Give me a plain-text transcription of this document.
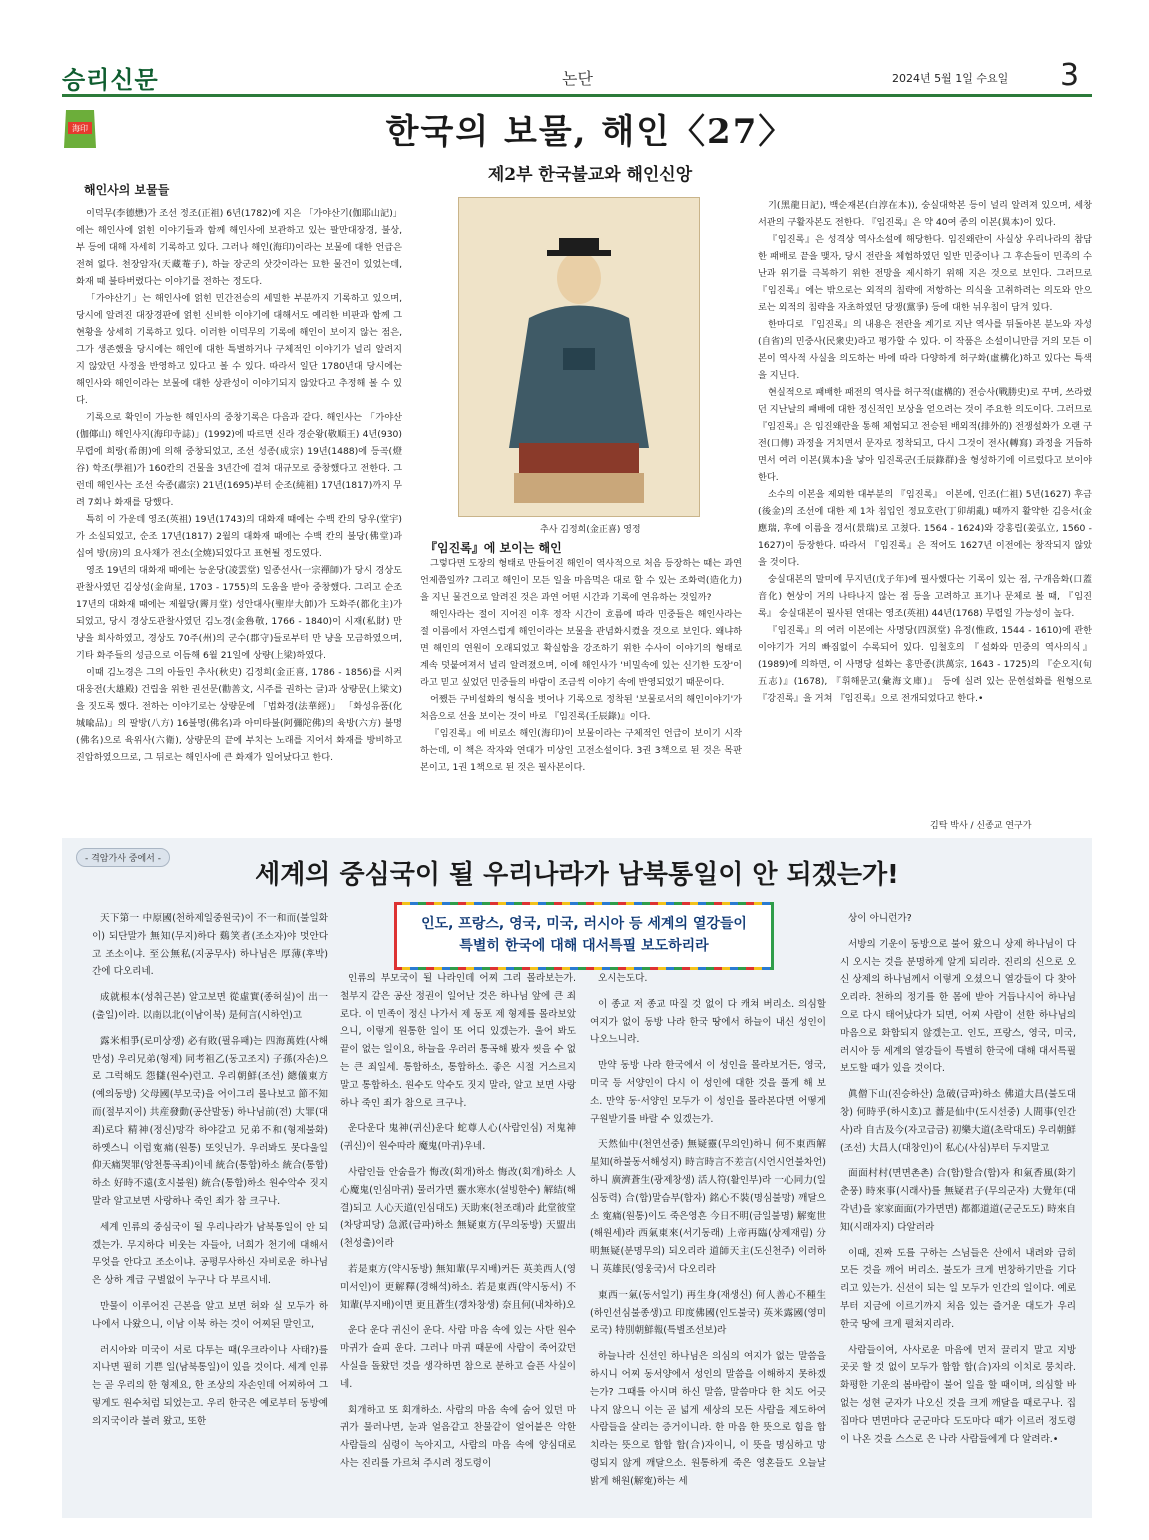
승리신문	논단	2024년 5월 1일 수요일 3
海印	한국의 보물, 해인〈27〉
제2부 한국불교와 해인신앙
해인사의 보물들

이덕무(李德懋)가 조선 정조(正祖) 6년(1782)에 지은 「가야산기(伽耶山記)」에는 해인사에 얽힌 이야기들과 함께 해인사에 보관하고 있는 팔만대장경, 불상, 부 등에 대해 자세히 기록하고 있다. 그러나 해인(海印)이라는 보물에 대한 언급은 전혀 없다. 천장암자(天藏菴子), 하늘 장군의 삿갓이라는 묘한 물건이 있었는데, 화재 때 불타버렸다는 이야기를 전하는 정도다.

「가야산기」는 해인사에 얽힌 민간전승의 세밀한 부분까지 기록하고 있으며, 당시에 알려진 대장경판에 얽힌 신비한 이야기에 대해서도 예리한 비판과 함께 그 현황을 상세히 기록하고 있다. 이러한 이덕무의 기록에 해인이 보이지 않는 점은, 그가 생존했을 당시에는 해인에 대한 특별하거나 구체적인 이야기가 널리 알려지지 않았던 사정을 반영하고 있다고 볼 수 있다. 따라서 일단 1780년대 당시에는 해인사와 해인이라는 보물에 대한 상관성이 이야기되지 않았다고 추정해 볼 수 있다.

기록으로 확인이 가능한 해인사의 중창기록은 다음과 같다. 해인사는 「가야산(伽倻山) 해인사지(海印寺誌)」(1992)에 따르면 신라 경순왕(敬順王) 4년(930) 무렵에 희랑(希朗)에 의해 중창되었고, 조선 성종(成宗) 19년(1488)에 등곡(燈谷) 학조(學祖)가 160칸의 건물을 3년간에 걸쳐 대규모로 중창했다고 전한다. 그런데 해인사는 조선 숙종(肅宗) 21년(1695)부터 순조(純祖) 17년(1817)까지 무려 7회나 화재를 당했다.

특히 이 가운데 영조(英祖) 19년(1743)의 대화재 때에는 수백 칸의 당우(堂宇)가 소실되었고, 순조 17년(1817) 2월의 대화재 때에는 수백 칸의 불당(佛堂)과 십여 방(房)의 요사채가 전소(全燒)되었다고 표현될 정도였다.

영조 19년의 대화재 때에는 능운당(凌雲堂) 일종선사(一宗禪師)가 당시 경상도관찰사였던 김상성(金尙星, 1703 - 1755)의 도움을 받아 중창했다. 그리고 순조 17년의 대화재 때에는 제월당(霽月堂) 성안대사(聖岸大師)가 도화주(都化主)가 되었고, 당시 경상도관찰사였던 김노경(金魯敬, 1766 - 1840)이 시재(私財) 만 냥을 희사하였고, 경상도 70주(州)의 군수(郡守)들로부터 만 냥을 모금하였으며, 기타 화주들의 성금으로 이듬해 6월 21일에 상량(上梁)하였다.

이때 김노경은 그의 아들인 추사(秋史) 김정희(金正喜, 1786 - 1856)를 시켜 대웅전(大雄殿) 건립을 위한 권선문(勸善文, 시주를 권하는 글)과 상량문(上梁文)을 짓도록 했다. 전하는 이야기로는 상량문에 「법화경(法華經)」 「화성유품(化城喩品)」의 팔방(八方) 16불명(佛名)과 아미타불(阿彌陀佛)의 육방(六方) 불명(佛名)으로 육위사(六衛), 상량문의 끝에 부치는 노래를 지어서 화재를 방비하고 진압하였으므로, 그 뒤로는 해인사에 큰 화재가 일어났다고 한다.

추사 김정희(金正喜) 영정
『임진록』에 보이는 해인

그렇다면 도장의 형태로 만들어진 해인이 역사적으로 처음 등장하는 때는 과연 언제쯤일까? 그리고 해인이 모든 일을 마음먹은 대로 할 수 있는 조화력(造化力)을 지닌 물건으로 알려진 것은 과연 어떤 시간과 기록에 연유하는 것일까?

해인사라는 절이 지어진 이후 정작 시간이 흐름에 따라 민중들은 해인사라는 절 이름에서 자연스럽게 해인이라는 보물을 관념화시켰을 것으로 보인다. 왜냐하면 해인의 연원이 오래되었고 확실함을 강조하기 위한 수사이 이야기의 형태로 계속 덧붙여져서 널리 알려졌으며, 이에 해인사가 '비밀속에 있는 신기한 도장'이라고 믿고 싶었던 민중들의 바람이 조금씩 이야기 속에 반영되었기 때문이다.

어쨌든 구비설화의 형식을 벗어나 기록으로 정착된 '보물로서의 해인이야기'가 처음으로 선을 보이는 것이 바로 『임진록(壬辰錄)』이다.

『임진록』에 비로소 해인(海印)이 보물이라는 구체적인 언급이 보이기 시작하는데, 이 책은 작자와 연대가 미상인 고전소설이다. 3권 3책으로 된 것은 목판본이고, 1권 1책으로 된 것은 필사본이다.

기(黑龍日記), 백순재본(白淳在本)), 숭실대학본 등이 널리 알려져 있으며, 세창서관의 구활자본도 전한다. 『임진록』은 약 40여 종의 이본(異本)이 있다.

『임진록』은 성격상 역사소설에 해당한다. 임진왜란이 사실상 우리나라의 참담한 패배로 끝을 맺자, 당시 전란을 체험하였던 일반 민중이나 그 후손들이 민족의 수난과 위기를 극복하기 위한 전망을 제시하기 위해 지은 것으로 보인다. 그러므로 『임진록』에는 밖으로는 외적의 침략에 저항하는 의식을 고취하려는 의도와 안으로는 외적의 침략을 자초하였던 당쟁(黨爭) 등에 대한 뉘우침이 담겨 있다.

한마디로 『임진록』의 내용은 전란을 계기로 지난 역사를 뒤돌아본 분노와 자성(自省)의 민중사(民衆史)라고 평가할 수 있다. 이 작품은 소설이니만큼 거의 모든 이본이 역사적 사실을 의도하는 바에 따라 다양하게 허구화(虛構化)하고 있다는 특색을 지닌다.

현실적으로 패배한 패전의 역사를 허구적(虛構的) 전승사(戰勝史)로 꾸며, 쓰라렸던 지난날의 패배에 대한 정신적인 보상을 얻으려는 것이 주요한 의도이다. 그러므로 『임진록』은 임진왜란을 통해 체험되고 전승된 배외적(排外的) 전쟁설화가 오랜 구전(口傳) 과정을 거치면서 문자로 정착되고, 다시 그것이 전사(轉寫) 과정을 거듭하면서 여러 이본(異本)을 낳아 임진록군(壬辰錄群)을 형성하기에 이르렀다고 보이야 한다.

소수의 이본을 제외한 대부분의 『임진록』 이본에, 인조(仁祖) 5년(1627) 후금(後金)의 조선에 대한 제 1차 침입인 정묘호란(丁卯胡亂) 때까지 활약한 김응서(金應瑞, 후에 이름을 경서(景瑞)로 고쳤다. 1564 - 1624)와 강홍립(姜弘立, 1560 - 1627)이 등장한다. 따라서 『임진록』은 적어도 1627년 이전에는 창작되지 않았을 것이다.

숭실대본의 말미에 무지년(戊子年)에 필사했다는 기록이 있는 점, 구개음화(口蓋音化) 현상이 거의 나타나지 않는 점 등을 고려하고 표기나 문체로 볼 때, 『임진록』 숭실대본이 필사된 연대는 영조(英祖) 44년(1768) 무렵일 가능성이 높다.

『임진록』의 여러 이본에는 사명당(四溟堂) 유정(惟政, 1544 - 1610)에 관한 이야기가 거의 빠짐없이 수록되어 있다. 임철호의 『설화와 민중의 역사의식』(1989)에 의하면, 이 사명당 설화는 홍만종(洪萬宗, 1643 - 1725)의 『순오지(旬五志)』(1678), 『휘해문고(彙海文庫)』 등에 실려 있는 문헌설화를 원형으로 『강진록』을 거쳐 『임진록』으로 전개되었다고 한다.•

김탁 박사 / 신종교 연구가
- 격암가사 중에서 -
세계의 중심국이 될 우리나라가 남북통일이 안 되겠는가!

天下第一 中原國(천하제일중원국)이 不一和而(불일화이) 되단말가 無知(무지)하다 鷄笑者(조소자)야 멋안다고 조소이냐. 至公無私(지공무사) 하나님은 厚薄(후박)간에 다오리네.

成就根本(성취근본) 알고보면 從虛實(종허실)이 出一(출일)이라. 以南以北(이남이북) 是何言(시하언)고

露米相爭(로미상쟁) 必有敗(필유패)는 四海萬姓(사해만성) 우리兄弟(형제) 同考祖乙(동고조지) 子孫(자손)으로 그럭해도 怨讎(원수)런고. 우리朝鮮(조선) 總儀東方(예의동방) 父母國(부모국)을 어이그리 몰나보고 節不知而(절부지이) 共産發動(공산발동) 하나님前(전) 大罪(대죄)로다 精神(정신)망각 하야갈고 兄弟不和(형제불화) 하옛스니 이럽寃痛(원통) 또잇닌가. 우러봐도 못다울일 仰天痛哭罪(앙천통곡죄)이네 統合(통합)하소 統合(통합)하소 好時不遠(호시불원) 統合(통합)하소 원수악수 짓지말라 알고보면 사랑하나 죽인 죄가 참 크구나.

세계 인류의 중심국이 될 우리나라가 남북통일이 안 되겠는가. 무지하다 비웃는 자들아, 너희가 천기에 대해서 무엇을 안다고 조소이냐. 공평무사하신 자비로운 하나님은 상하 계급 구별없이 누구나 다 부르시네.

만물이 이루어진 근본을 알고 보면 허와 실 모두가 하나에서 나왔으니, 이남 이북 하는 것이 어찌된 말인고,

러시아와 미국이 서로 다투는 때(우크라이나 사태?)를 지나면 필히 기쁜 일(남북통일)이 있을 것이다. 세계 인류는 곧 우리의 한 형제요, 한 조상의 자손인데 어찌하여 그렇게도 원수처럼 되었는고. 우리 한국은 예로부터 동방예의지국이라 불려 왔고, 또한

인도, 프랑스, 영국, 미국, 러시아 등 세계의 열강들이
특별히 한국에 대해 대서특필 보도하리라

인류의 부모국이 될 나라인데 어찌 그리 몰라보는가. 철부지 같은 공산 정권이 일어난 것은 하나님 앞에 큰 죄로다. 이 민족이 정신 나가서 제 동포 제 형제를 몰라보았으니, 이렇게 원통한 일이 또 어디 있겠는가. 울어 봐도 끝이 없는 일이요, 하늘을 우러러 통곡해 봤자 씻을 수 없는 큰 죄일세. 통합하소, 통합하소. 좋은 시절 거스르지 말고 통합하소. 원수도 악수도 짓지 말라, 알고 보면 사랑 하나 죽인 죄가 참으로 크구나.

운다운다 鬼神(귀신)운다 蛇尊人心(사람인심) 저鬼神(귀신)이 원수따라 魔鬼(마귀)우네.

사람인들 안숨을가 悔改(회개)하소 悔改(회개)하소 人心魔鬼(인심마귀) 물러가면 靈水寒水(설빙한수) 解結(해결)되고 人心天道(인심대도) 天助來(천조래)라 此堂彼堂(차당피당) 急派(급파)하소 無疑東方(무의동방) 天盟出(천성출)이라

若是東方(약시동방) 無知輩(무지배)커든 英美西人(영미서인)이 更解釋(경해석)하소. 若是東西(약시동서) 不知輩(부지배)이면 更且蒼生(갱차창생) 奈且何(내차하)오

운다 운다 귀신이 운다. 사람 마음 속에 있는 사탄 원수 마귀가 슬피 운다. 그러나 마귀 때문에 사람이 죽어갔던 사실을 돌왔던 것을 생각하면 참으로 분하고 슬픈 사실이네.

회개하고 또 회개하소. 사람의 마음 속에 숨어 있던 마귀가 물러나면, 눈과 얼음같고 찬물같이 얼어붙은 악한 사람들의 심령이 녹아지고, 사람의 마음 속에 양심대로 사는 진리를 가르쳐 주시려 정도령이

오시는도다.

이 종교 저 종교 따질 것 없이 다 캐쳐 버리소. 의심할 여지가 없이 동방 나라 한국 땅에서 하늘이 내신 성인이 나오느니라.

만약 동방 나라 한국에서 이 성인을 몰라보거든, 영국, 미국 등 서양인이 다시 이 성인에 대한 것을 풀게 해 보소. 만약 동·서양인 모두가 이 성인을 몰라본다면 어떻게 구원받기를 바랄 수 있겠는가.

天然仙中(천연선중) 無疑靈(무의인)하니 何不東西解星知(하불동서해성지) 時言時言不差言(시언시언불차언)하니 廣濟蒼生(광제창생) 活人符(활인부)라 一心同力(일심동력) 合(합)말슴부(합자) 銘心不裝(명심불망) 깨달으소 寃痛(원통)이도 죽은영흔 今日不明(금일불명) 解寃世(해원세)라 西氣東來(서기동래) 上帝再臨(상제재림) 分明無疑(분명무의) 되오리라 道師天主(도신천주) 이러하니 英雄民(영웅국)서 다오리라

東西一氣(동서일기) 再生身(재생신) 何人善心不種生(하인선심불종생)고 印度佛國(인도불국) 英米露國(영미로국) 特別朝鮮報(특별조선보)라

하늘나라 신선인 하나님은 의심의 여지가 없는 말씀을 하시니 어찌 동서양에서 성인의 말씀을 이해하지 못하겠는가? 그때를 아시며 하신 말씀, 말씀마다 한 치도 어긋나지 않으니 이는 곧 넓게 세상의 모든 사람을 제도하여 사람들을 살리는 증거이니라. 한 마음 한 뜻으로 힘을 합치라는 뜻으로 합합 합(合)자이니, 이 뜻을 명심하고 망령되지 않게 깨달으소. 원통하게 죽은 영혼들도 오늘날 밝게 해원(解寃)하는 세

상이 아니런가?

서방의 기운이 동방으로 불어 왔으니 상제 하나님이 다시 오시는 것을 분명하게 알게 되리라. 진리의 신으로 오신 상제의 하나님께서 이렇게 오셨으니 열강들이 다 찾아오리라. 천하의 정기를 한 몸에 받아 거듭나시어 하나님으로 다시 태어났다가 되면, 어찌 사람이 선한 하나님의 마음으로 화합되지 않겠는고. 인도, 프랑스, 영국, 미국, 러시아 등 세계의 열강들이 특별히 한국에 대해 대서특필 보도할 때가 있을 것이다.

眞僧下山(진승하산) 急破(급파)하소 佛道大昌(불도대창) 何時乎(하시호)고 薔是仙中(도시선중) 人間事(인간사)라 自古及今(자고급금) 初樂大道(초락대도) 우리朝鮮(조선) 大昌人(대창인)이 私心(사심)부터 두지말고

面面村村(면면촌촌) 合(합)할合(합)자 和氣香風(화기춘풍) 時來事(시래사)를 無疑君子(무의군자) 大覺年(대각년)을 家家面面(가가면면) 都都道道(군군도도) 時來自知(시래자지) 다알러라

이때, 진짜 도를 구하는 스님들은 산에서 내려와 급히 모든 것을 깨어 버리소. 불도가 크게 번창하기만을 기다리고 있는가. 신선이 되는 일 모두가 인간의 일이다. 예로부터 지금에 이르기까지 처음 있는 즐거운 대도가 우리 한국 땅에 크게 펼쳐지리라.

사람들이여, 사사로운 마음에 먼저 끌리지 말고 지방 곳곳 할 것 없이 모두가 합합 합(合)자의 이치로 뭉치라. 화평한 기운의 봄바람이 불어 일을 할 때이며, 의심할 바 없는 성현 군자가 나오신 것을 크게 깨달을 때로구나. 집집마다 면면마다 군군마다 도도마다 때가 이르러 정도령이 나온 것을 스스로 은 나라 사람들에게 다 알려라.•
